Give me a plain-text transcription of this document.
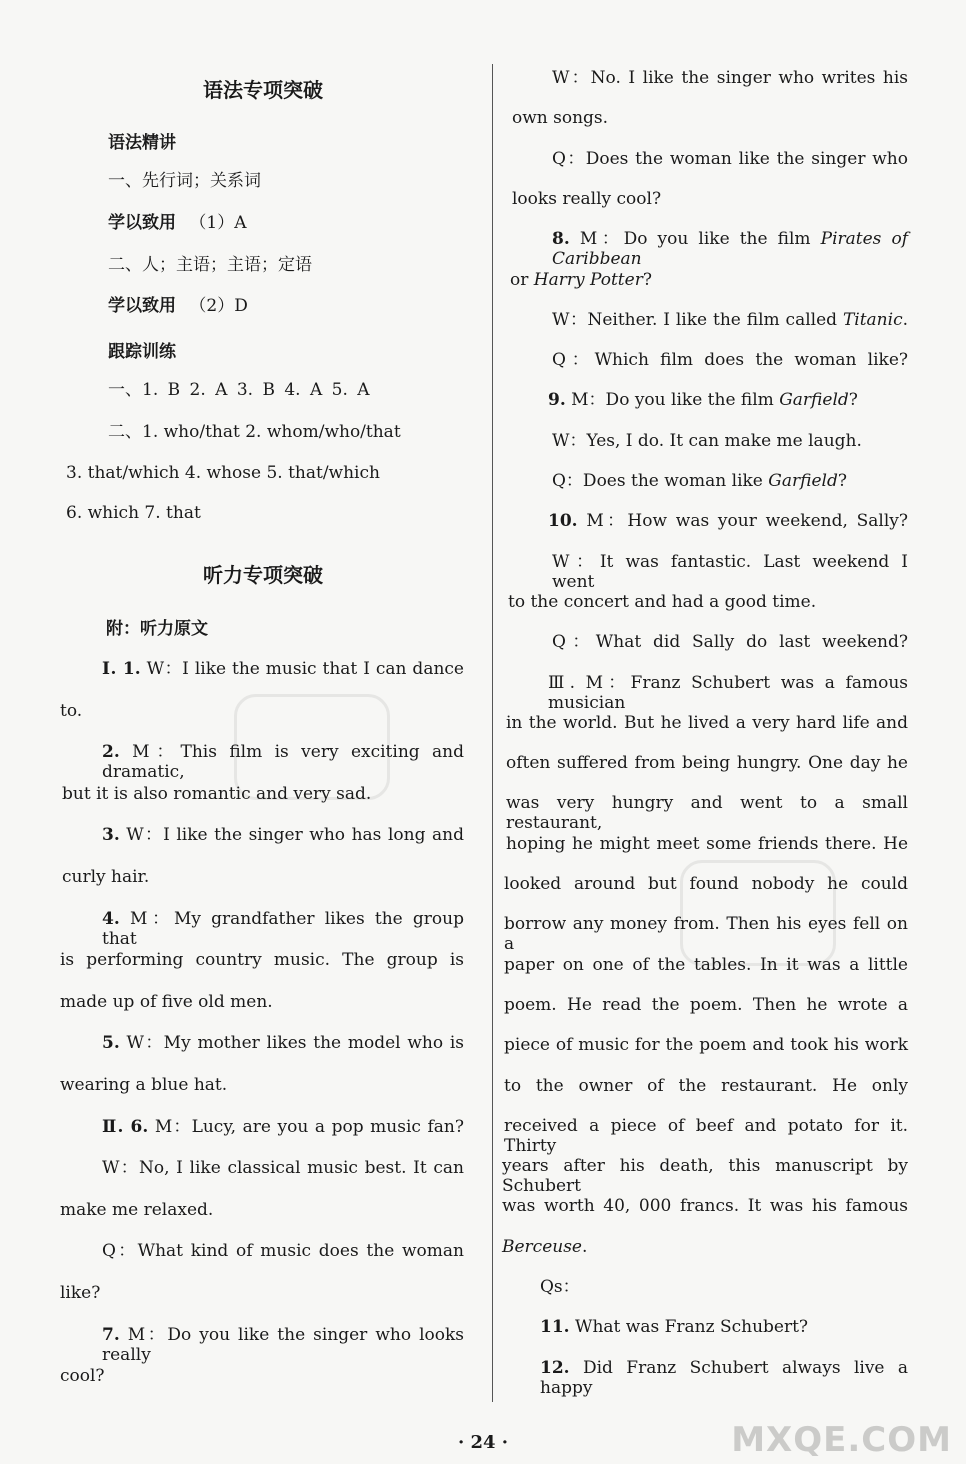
语法专项突破
语法精讲
一、先行词；关系词
学以致用 （1）A
二、人；主语；主语；定语
学以致用 （2）D
跟踪训练
一、1. B 2. A 3. B 4. A 5. A
二、1. who/that 2. whom/who/that
3. that/which 4. whose 5. that/which
6. which 7. that
听力专项突破
附：听力原文
Ⅰ. 1. W：I like the music that I can dance
to.
2. M：This film is very exciting and dramatic,
but it is also romantic and very sad.
3. W：I like the singer who has long and
curly hair.
4. M：My grandfather likes the group that
is performing country music. The group is
made up of five old men.
5. W：My mother likes the model who is
wearing a blue hat.
Ⅱ. 6. M：Lucy, are you a pop music fan?
W：No, I like classical music best. It can
make me relaxed.
Q：What kind of music does the woman
like?
7. M：Do you like the singer who looks really
cool?
W：No. I like the singer who writes his
own songs.
Q：Does the woman like the singer who
looks really cool?
8. M：Do you like the film Pirates of Caribbean
or Harry Potter?
W：Neither. I like the film called Titanic.
Q：Which film does the woman like?
9. M：Do you like the film Garfield?
W：Yes, I do. It can make me laugh.
Q：Does the woman like Garfield?
10. M：How was your weekend, Sally?
W：It was fantastic. Last weekend I went
to the concert and had a good time.
Q：What did Sally do last weekend?
Ⅲ. M：Franz Schubert was a famous musician
in the world. But he lived a very hard life and
often suffered from being hungry. One day he
was very hungry and went to a small restaurant,
hoping he might meet some friends there. He
looked around but found nobody he could
borrow any money from. Then his eyes fell on a
paper on one of the tables. In it was a little
poem. He read the poem. Then he wrote a
piece of music for the poem and took his work
to the owner of the restaurant. He only
received a piece of beef and potato for it. Thirty
years after his death, this manuscript by Schubert
was worth 40, 000 francs. It was his famous
Berceuse.
Qs：
11. What was Franz Schubert?
12. Did Franz Schubert always live a happy
· 24 ·	MXQE.COM
